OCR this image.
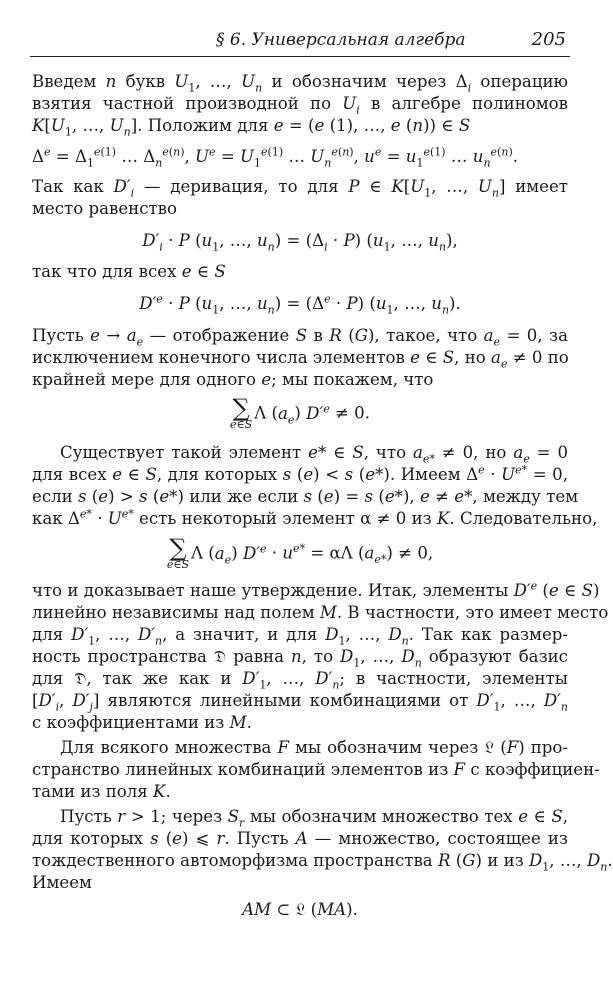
§ 6. Универсальная алгебра	205
Введем n букв $U_1$, …, $U_n$ и обозначим через $\Delta_i$ операцию
взятия частной производной по $U_i$ в алгебре полиномов
$K[U_1$, …, $U_n$]. Положим для e = (e (1), …, e (n)) ∈ S
$\Delta^e = \Delta_1^{e(1)}$ … $\Delta_n^{e(n)}$, $U^e = U_1^{e(1)}$ … $U_n^{e(n)}$, $u^e = u_1^{e(1)}$ … $u_n^{e(n)}$.
Так как $D'_i$ — деривация, то для P ∈ $K[U_1$, …, $U_n$] имеет
место равенство
$D'_i \cdot P$ ($u_1$, …, $u_n) = (\Delta_i \cdot P)$ ($u_1$, …, $u_n$),
так что для всех e ∈ S
$D'^e \cdot P$ ($u_1$, …, $u_n) = (\Delta^e \cdot P)$ ($u_1$, …, $u_n$).
Пусть $e \to a_e$ — отображение S в R (G), такое, что $a_e = 0$, за
исключением конечного числа элементов e ∈ S, но $a_e \ne 0$ по
крайней мере для одного e; мы покажем, что
∑
e∈S
Λ $(a_e) D'^e \ne 0$.
Существует такой элемент e* ∈ S, что $a_{e*} \ne 0$, но $a_e = 0$
для всех e ∈ S, для которых s (e) < s (e*). Имеем $\Delta^e \cdot U^{e*} = 0$,
если s (e) > s (e*) или же если s (e) = s (e*), e ≠ e*, между тем
как $\Delta^{e*} \cdot U^{e*}$ есть некоторый элемент α ≠ 0 из K. Следовательно,
∑
e∈S
Λ $(a_e) D'^e \cdot u^{e*} = \alpha\Lambda$ $(a_{e*}) \ne 0$,
что и доказывает наше утверждение. Итак, элементы $D'^e$ (e ∈ S)
линейно независимы над полем M. В частности, это имеет место
для $D'_1$, …, $D'_n$, а значит, и для $D_1$, …, $D_n$. Так как размер-
ность пространства 𝔇 равна n, то $D_1$, …, $D_n$ образуют базис
для 𝔇, так же как и $D'_1$, …, $D'_n$; в частности, элементы
[$D'_i$, $D'_j$] являются линейными комбинациями от $D'_1$, …, $D'_n$
с коэффициентами из M.
Для всякого множества F мы обозначим через 𝔏 (F) про-
странство линейных комбинаций элементов из F с коэффициен-
тами из поля K.
Пусть r > 1; через $S_r$ мы обозначим множество тех e ∈ S,
для которых s (e) ⩽ r. Пусть A — множество, состоящее из
тождественного автоморфизма пространства R (G) и из $D_1$, …, $D_n$.
Имеем
AM ⊂ 𝔏 (MA).
